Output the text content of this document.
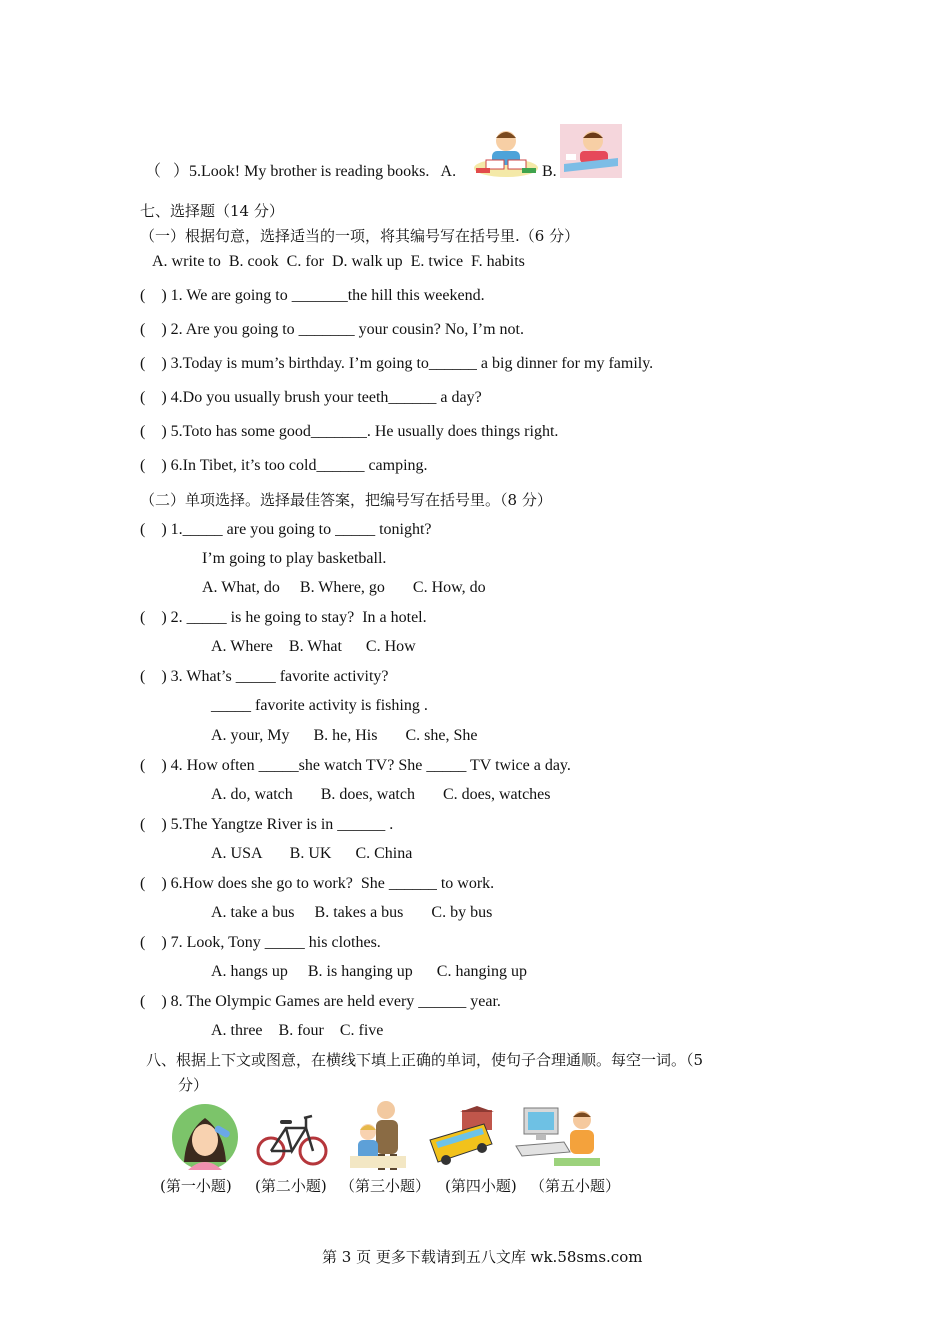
（   ）5.Look! My brother is reading books.   A.	B.
七、选择题（14 分）
（一）根据句意，选择适当的一项，将其编号写在括号里.（6 分）
A. write to  B. cook  C. for  D. walk up  E. twice  F. habits
(    ) 1. We are going to _______the hill this weekend.
(    ) 2. Are you going to _______ your cousin? No, I’m not.
(    ) 3.Today is mum’s birthday. I’m going to______ a big dinner for my family.
(    ) 4.Do you usually brush your teeth______ a day?
(    ) 5.Toto has some good_______. He usually does things right.
(    ) 6.In Tibet, it’s too cold______ camping.
（二）单项选择。选择最佳答案，把编号写在括号里。（8 分）
(    ) 1._____ are you going to _____ tonight?
I’m going to play basketball.
A. What, do     B. Where, go       C. How, do
(    ) 2. _____ is he going to stay?  In a hotel.
A. Where    B. What      C. How
(    ) 3. What’s _____ favorite activity?
_____ favorite activity is fishing .
A. your, My      B. he, His       C. she, She
(    ) 4. How often _____she watch TV? She _____ TV twice a day.
A. do, watch       B. does, watch       C. does, watches
(    ) 5.The Yangtze River is in ______ .
A. USA       B. UK      C. China
(    ) 6.How does she go to work?  She ______ to work.
A. take a bus     B. takes a bus       C. by bus
(    ) 7. Look, Tony _____ his clothes.
A. hangs up     B. is hanging up      C. hanging up
(    ) 8. The Olympic Games are held every ______ year.
A. three    B. four    C. five
八、根据上下文或图意，在横线下填上正确的单词，使句子合理通顺。每空一词。（5
分）
(第一小题) (第二小题) （第三小题） (第四小题) （第五小题）
第 3 页 更多下载请到五八文库 wk.58sms.com
